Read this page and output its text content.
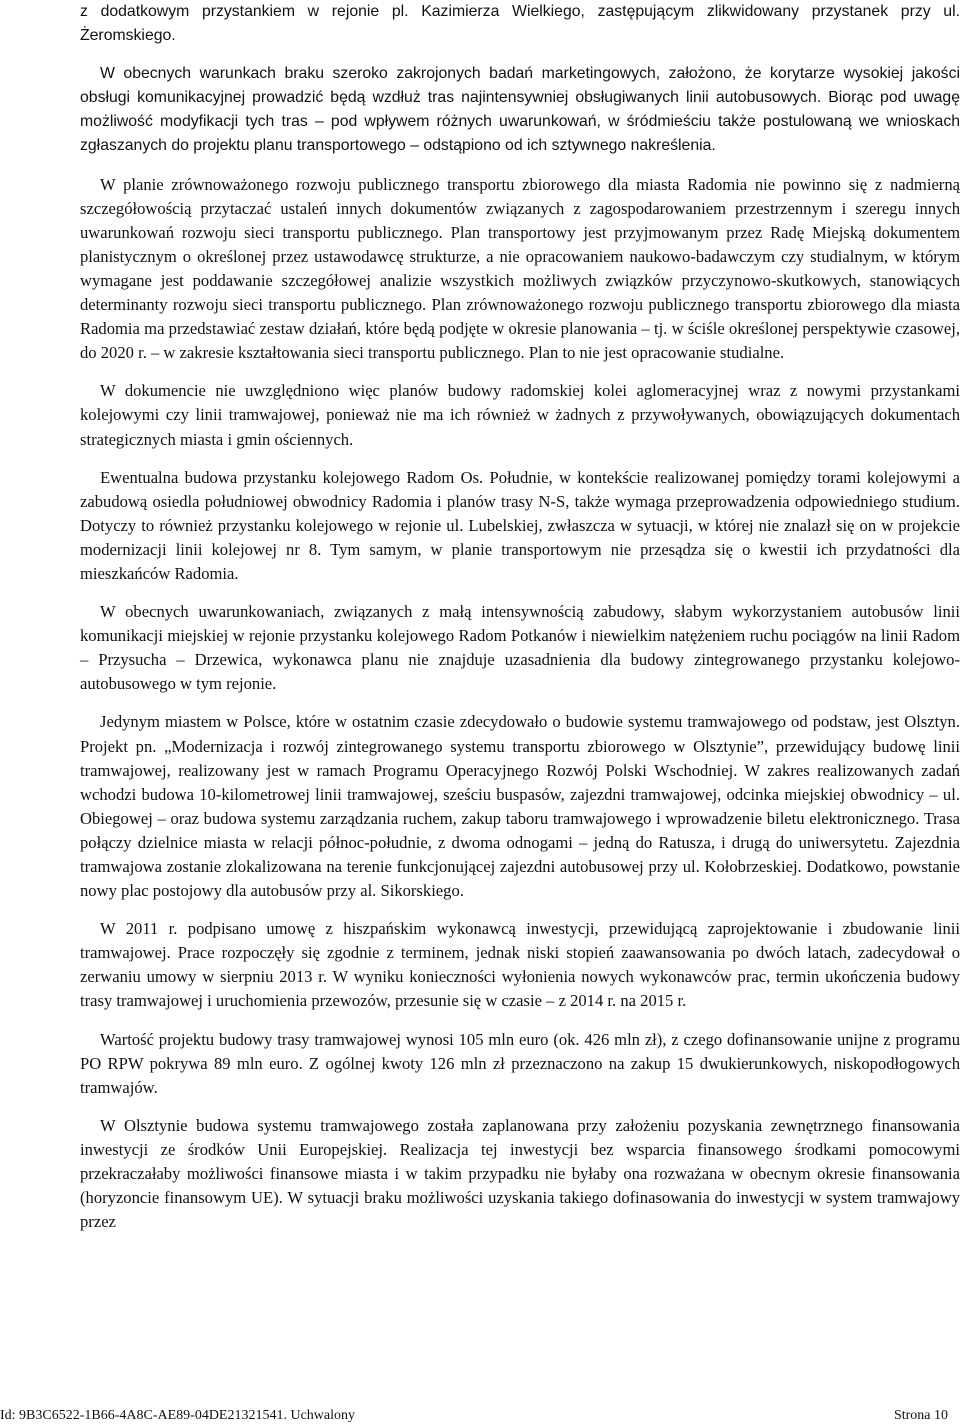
z dodatkowym przystankiem w rejonie pl. Kazimierza Wielkiego, zastępującym zlikwidowany przystanek przy ul. Żeromskiego.

W obecnych warunkach braku szeroko zakrojonych badań marketingowych, założono, że korytarze wysokiej jakości obsługi komunikacyjnej prowadzić będą wzdłuż tras najintensywniej obsługiwanych linii autobusowych. Biorąc pod uwagę możliwość modyfikacji tych tras – pod wpływem różnych uwarunkowań, w śródmieściu także postulowaną we wnioskach zgłaszanych do projektu planu transportowego – odstąpiono od ich sztywnego nakreślenia.

W planie zrównoważonego rozwoju publicznego transportu zbiorowego dla miasta Radomia nie powinno się z nadmierną szczegółowością przytaczać ustaleń innych dokumentów związanych z zagospodarowaniem przestrzennym i szeregu innych uwarunkowań rozwoju sieci transportu publicznego. Plan transportowy jest przyjmowanym przez Radę Miejską dokumentem planistycznym o określonej przez ustawodawcę strukturze, a nie opracowaniem naukowo-badawczym czy studialnym, w którym wymagane jest poddawanie szczegółowej analizie wszystkich możliwych związków przyczynowo-skutkowych, stanowiących determinanty rozwoju sieci transportu publicznego. Plan zrównoważonego rozwoju publicznego transportu zbiorowego dla miasta Radomia ma przedstawiać zestaw działań, które będą podjęte w okresie planowania – tj. w ściśle określonej perspektywie czasowej, do 2020 r. – w zakresie kształtowania sieci transportu publicznego. Plan to nie jest opracowanie studialne.

W dokumencie nie uwzględniono więc planów budowy radomskiej kolei aglomeracyjnej wraz z nowymi przystankami kolejowymi czy linii tramwajowej, ponieważ nie ma ich również w żadnych z przywoływanych, obowiązujących dokumentach strategicznych miasta i gmin ościennych.

Ewentualna budowa przystanku kolejowego Radom Os. Południe, w kontekście realizowanej pomiędzy torami kolejowymi a zabudową osiedla południowej obwodnicy Radomia i planów trasy N-S, także wymaga przeprowadzenia odpowiedniego studium. Dotyczy to również przystanku kolejowego w rejonie ul. Lubelskiej, zwłaszcza w sytuacji, w której nie znalazł się on w projekcie modernizacji linii kolejowej nr 8. Tym samym, w planie transportowym nie przesądza się o kwestii ich przydatności dla mieszkańców Radomia.

W obecnych uwarunkowaniach, związanych z małą intensywnością zabudowy, słabym wykorzystaniem autobusów linii komunikacji miejskiej w rejonie przystanku kolejowego Radom Potkanów i niewielkim natężeniem ruchu pociągów na linii Radom – Przysucha – Drzewica, wykonawca planu nie znajduje uzasadnienia dla budowy zintegrowanego przystanku kolejowo-autobusowego w tym rejonie.

Jedynym miastem w Polsce, które w ostatnim czasie zdecydowało o budowie systemu tramwajowego od podstaw, jest Olsztyn. Projekt pn. „Modernizacja i rozwój zintegrowanego systemu transportu zbiorowego w Olsztynie”, przewidujący budowę linii tramwajowej, realizowany jest w ramach Programu Operacyjnego Rozwój Polski Wschodniej. W zakres realizowanych zadań wchodzi budowa 10-kilometrowej linii tramwajowej, sześciu buspasów, zajezdni tramwajowej, odcinka miejskiej obwodnicy – ul. Obiegowej – oraz budowa systemu zarządzania ruchem, zakup taboru tramwajowego i wprowadzenie biletu elektronicznego. Trasa połączy dzielnice miasta w relacji północ-południe, z dwoma odnogami – jedną do Ratusza, i drugą do uniwersytetu. Zajezdnia tramwajowa zostanie zlokalizowana na terenie funkcjonującej zajezdni autobusowej przy ul. Kołobrzeskiej. Dodatkowo, powstanie nowy plac postojowy dla autobusów przy al. Sikorskiego.

W 2011 r. podpisano umowę z hiszpańskim wykonawcą inwestycji, przewidującą zaprojektowanie i zbudowanie linii tramwajowej. Prace rozpoczęły się zgodnie z terminem, jednak niski stopień zaawansowania po dwóch latach, zadecydował o zerwaniu umowy w sierpniu 2013 r. W wyniku konieczności wyłonienia nowych wykonawców prac, termin ukończenia budowy trasy tramwajowej i uruchomienia przewozów, przesunie się w czasie – z 2014 r. na 2015 r.

Wartość projektu budowy trasy tramwajowej wynosi 105 mln euro (ok. 426 mln zł), z czego dofinansowanie unijne z programu PO RPW pokrywa 89 mln euro. Z ogólnej kwoty 126 mln zł przeznaczono na zakup 15 dwukierunkowych, niskopodłogowych tramwajów.

W Olsztynie budowa systemu tramwajowego została zaplanowana przy założeniu pozyskania zewnętrznego finansowania inwestycji ze środków Unii Europejskiej. Realizacja tej inwestycji bez wsparcia finansowego środkami pomocowymi przekraczałaby możliwości finansowe miasta i w takim przypadku nie byłaby ona rozważana w obecnym okresie finansowania (horyzoncie finansowym UE). W sytuacji braku możliwości uzyskania takiego dofinasowania do inwestycji w system tramwajowy przez

Id: 9B3C6522-1B66-4A8C-AE89-04DE21321541. Uchwalony	Strona 10
